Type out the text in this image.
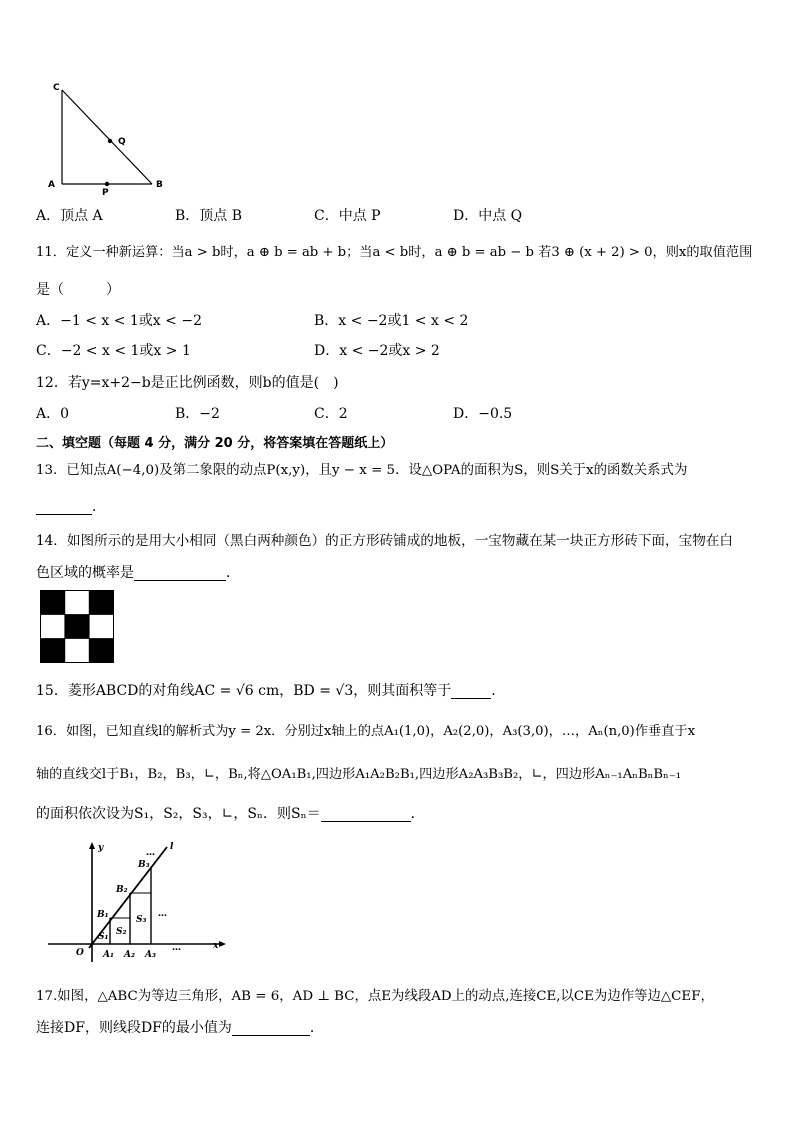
C
Q
A
P
B
A．顶点 A	B．顶点 B	C．中点 P	D．中点 Q
11．定义一种新运算：当a > b时，a ⊕ b = ab + b；当a < b时，a ⊕ b = ab − b 若3 ⊕ (x + 2) > 0，则x的取值范围
是（　　　）
A．−1 < x < 1或x < −2	B．x < −2或1 < x < 2
C．−2 < x < 1或x > 1	D．x < −2或x > 2
12．若y=x+2−b是正比例函数，则b的值是(　)
A．0	B．−2	C．2	D．−0.5
二、填空题（每题 4 分，满分 20 分，将答案填在答题纸上）
13．已知点A(−4,0)及第二象限的动点P(x,y)，且y − x = 5．设△OPA的面积为S，则S关于x的函数关系式为
．
14．如图所示的是用大小相同（黑白两种颜色）的正方形砖铺成的地板，一宝物藏在某一块正方形砖下面，宝物在白
色区域的概率是	．
15．菱形ABCD的对角线AC = √6 cm，BD = √3，则其面积等于	.
16．如图，已知直线l的解析式为y = 2x．分别过x轴上的点A₁(1,0)，A₂(2,0)，A₃(3,0)，…，Aₙ(n,0)作垂直于x
轴的直线交l于B₁，B₂，B₃，∟，Bₙ,将△OA₁B₁,四边形A₁A₂B₂B₁,四边形A₂A₃B₃B₂，∟，四边形Aₙ₋₁AₙBₙBₙ₋₁
的面积依次设为S₁，S₂，S₃，∟，Sₙ．则Sₙ＝	．
y	l
…
B₃
B₂
B₁	S₃
…
S₂
S₁
…	x
O A₁ A₂ A₃
17.如图，△ABC为等边三角形，AB = 6，AD ⊥ BC，点E为线段AD上的动点,连接CE,以CE为边作等边△CEF，
连接DF，则线段DF的最小值为	．
